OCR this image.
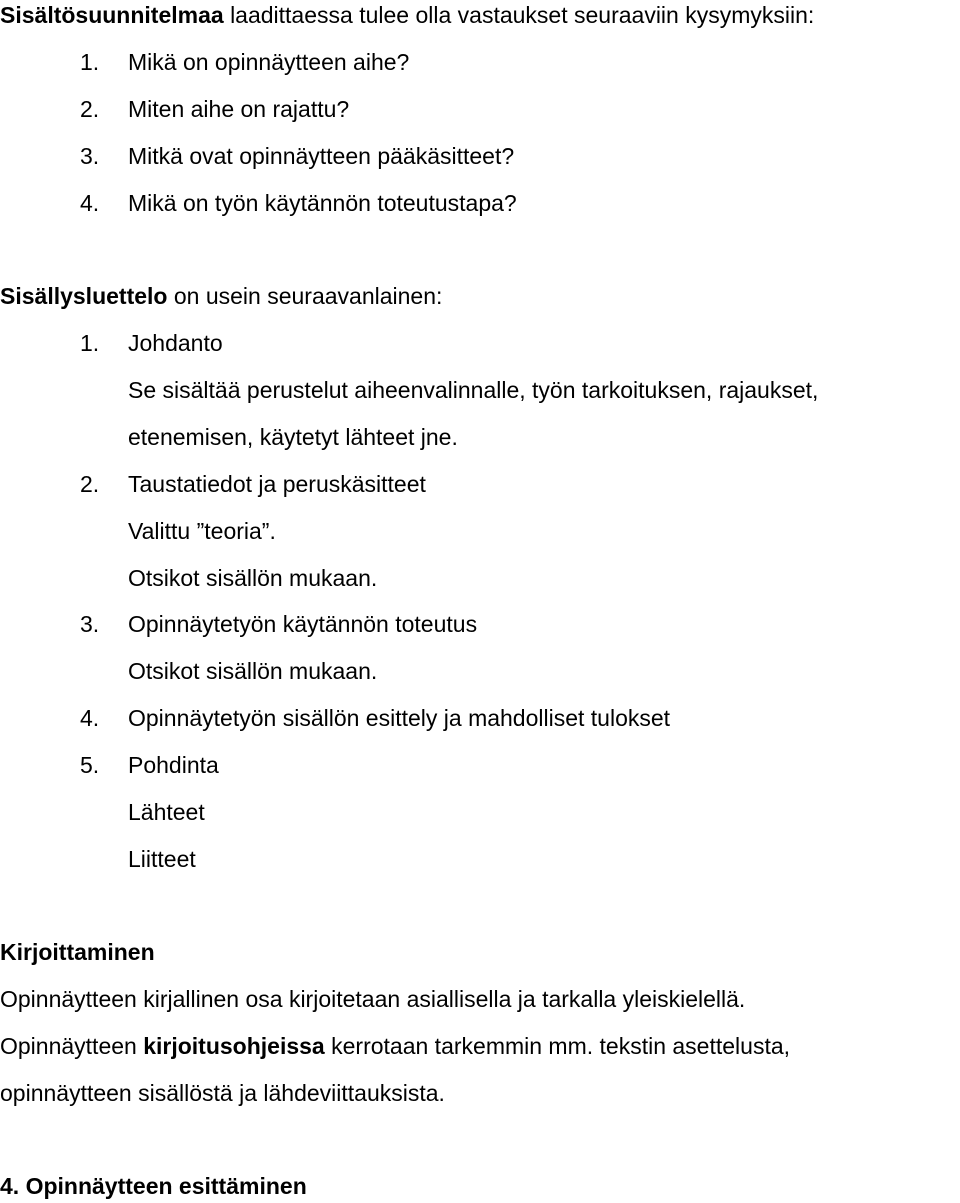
Sisältösuunnitelmaa laadittaessa tulee olla vastaukset seuraaviin kysymyksiin:
1. Mikä on opinnäytteen aihe?
2. Miten aihe on rajattu?
3. Mitkä ovat opinnäytteen pääkäsitteet?
4. Mikä on työn käytännön toteutustapa?
Sisällysluettelo on usein seuraavanlainen:
1. Johdanto
Se sisältää perustelut aiheenvalinnalle, työn tarkoituksen, rajaukset,
etenemisen, käytetyt lähteet jne.
2. Taustatiedot ja peruskäsitteet
Valittu ”teoria”.
Otsikot sisällön mukaan.
3. Opinnäytetyön käytännön toteutus
Otsikot sisällön mukaan.
4. Opinnäytetyön sisällön esittely ja mahdolliset tulokset
5. Pohdinta
Lähteet
Liitteet
Kirjoittaminen
Opinnäytteen kirjallinen osa kirjoitetaan asiallisella ja tarkalla yleiskielellä.
Opinnäytteen kirjoitusohjeissa kerrotaan tarkemmin mm. tekstin asettelusta,
opinnäytteen sisällöstä ja lähdeviittauksista.
4. Opinnäytteen esittäminen
